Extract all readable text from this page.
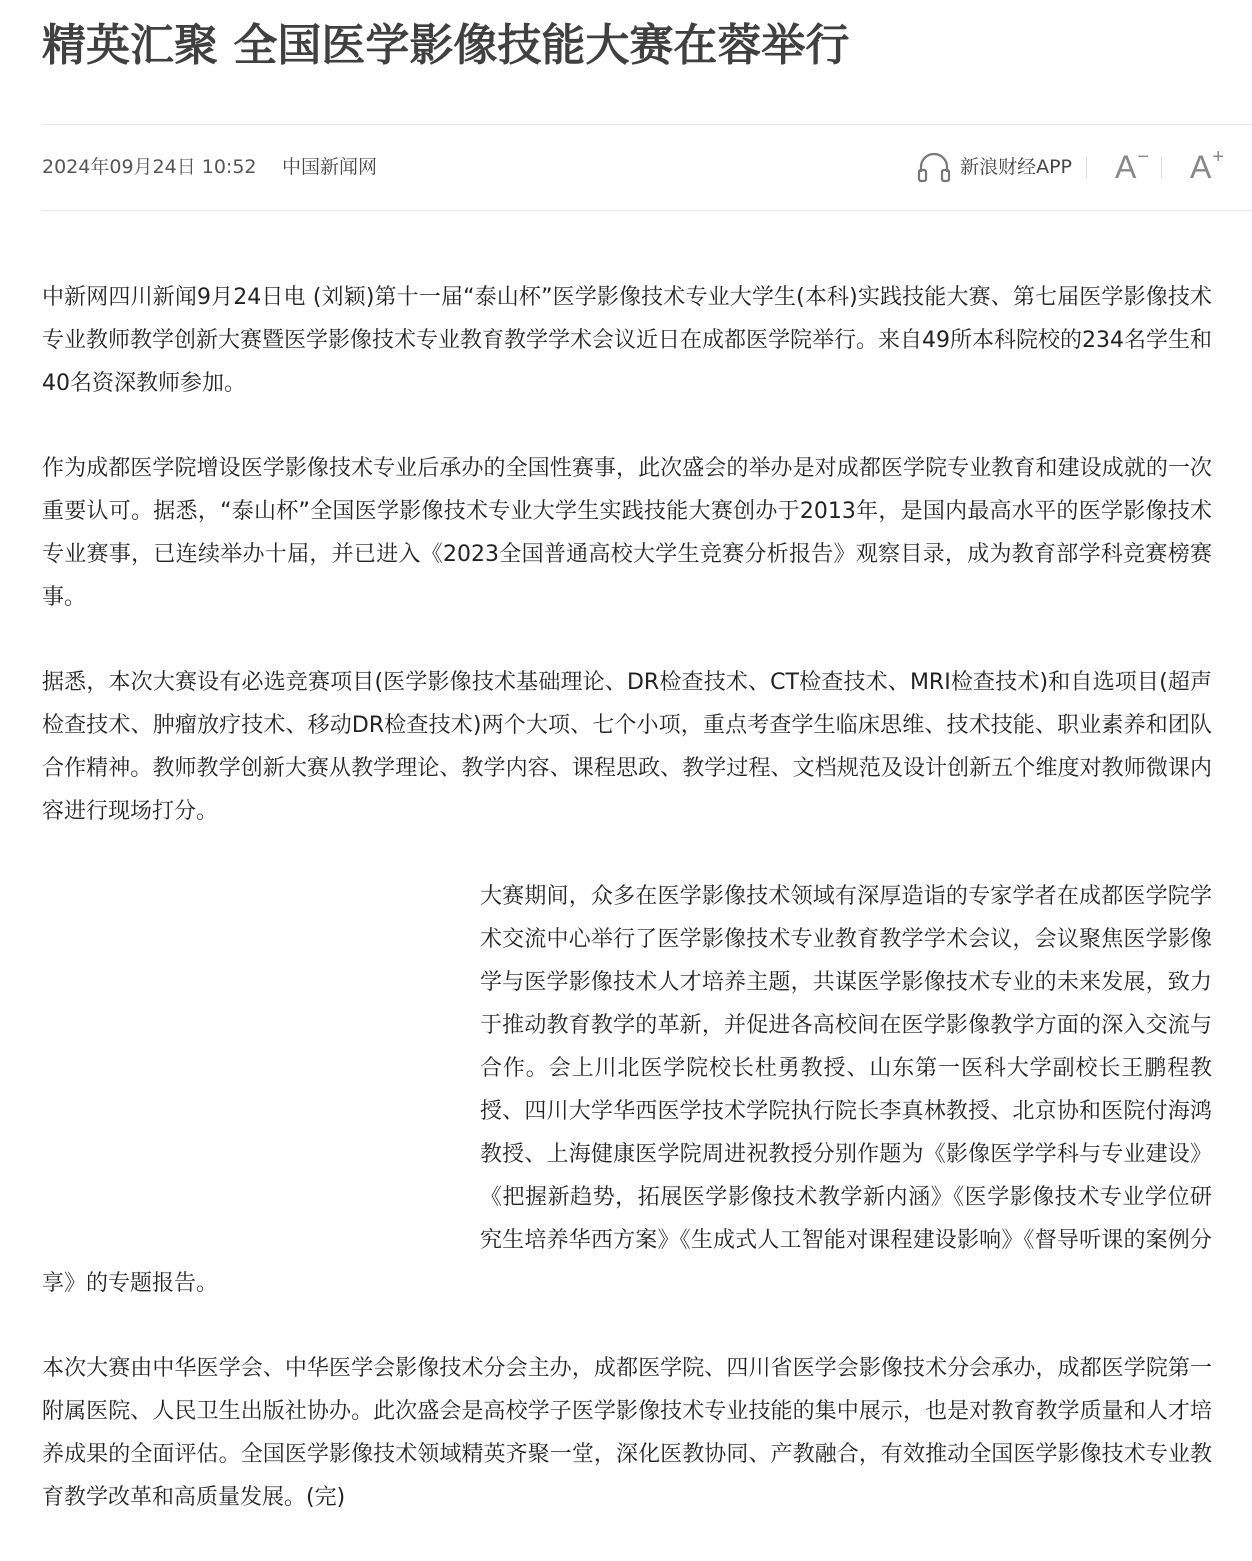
精英汇聚 全国医学影像技能大赛在蓉举行
2024年09月24日 10:52 中国新闻网	新浪财经APP A − A +

中新网四川新闻9月24日电 (刘颖)第十一届“泰山杯”医学影像技术专业大学生(本科)实践技能大赛、第七届医学影像技术专业教师教学创新大赛暨医学影像技术专业教育教学学术会议近日在成都医学院举行。来自49所本科院校的234名学生和40名资深教师参加。

作为成都医学院增设医学影像技术专业后承办的全国性赛事，此次盛会的举办是对成都医学院专业教育和建设成就的一次重要认可。据悉，“泰山杯”全国医学影像技术专业大学生实践技能大赛创办于2013年，是国内最高水平的医学影像技术专业赛事，已连续举办十届，并已进入《2023全国普通高校大学生竞赛分析报告》观察目录，成为教育部学科竞赛榜赛事。

据悉，本次大赛设有必选竞赛项目(医学影像技术基础理论、DR检查技术、CT检查技术、MRI检查技术)和自选项目(超声检查技术、肿瘤放疗技术、移动DR检查技术)两个大项、七个小项，重点考查学生临床思维、技术技能、职业素养和团队合作精神。教师教学创新大赛从教学理论、教学内容、课程思政、教学过程、文档规范及设计创新五个维度对教师微课内容进行现场打分。

大赛期间，众多在医学影像技术领域有深厚造诣的专家学者在成都医学院学术交流中心举行了医学影像技术专业教育教学学术会议，会议聚焦医学影像学与医学影像技术人才培养主题，共谋医学影像技术专业的未来发展，致力于推动教育教学的革新，并促进各高校间在医学影像教学方面的深入交流与合作。会上川北医学院校长杜勇教授、山东第一医科大学副校长王鹏程教授、四川大学华西医学技术学院执行院长李真林教授、北京协和医院付海鸿教授、上海健康医学院周进祝教授分别作题为《影像医学学科与专业建设》《把握新趋势，拓展医学影像技术教学新内涵》《医学影像技术专业学位研究生培养华西方案》《生成式人工智能对课程建设影响》《督导听课的案例分享》的专题报告。

本次大赛由中华医学会、中华医学会影像技术分会主办，成都医学院、四川省医学会影像技术分会承办，成都医学院第一附属医院、人民卫生出版社协办。此次盛会是高校学子医学影像技术专业技能的集中展示，也是对教育教学质量和人才培养成果的全面评估。全国医学影像技术领域精英齐聚一堂，深化医教协同、产教融合，有效推动全国医学影像技术专业教育教学改革和高质量发展。(完)
